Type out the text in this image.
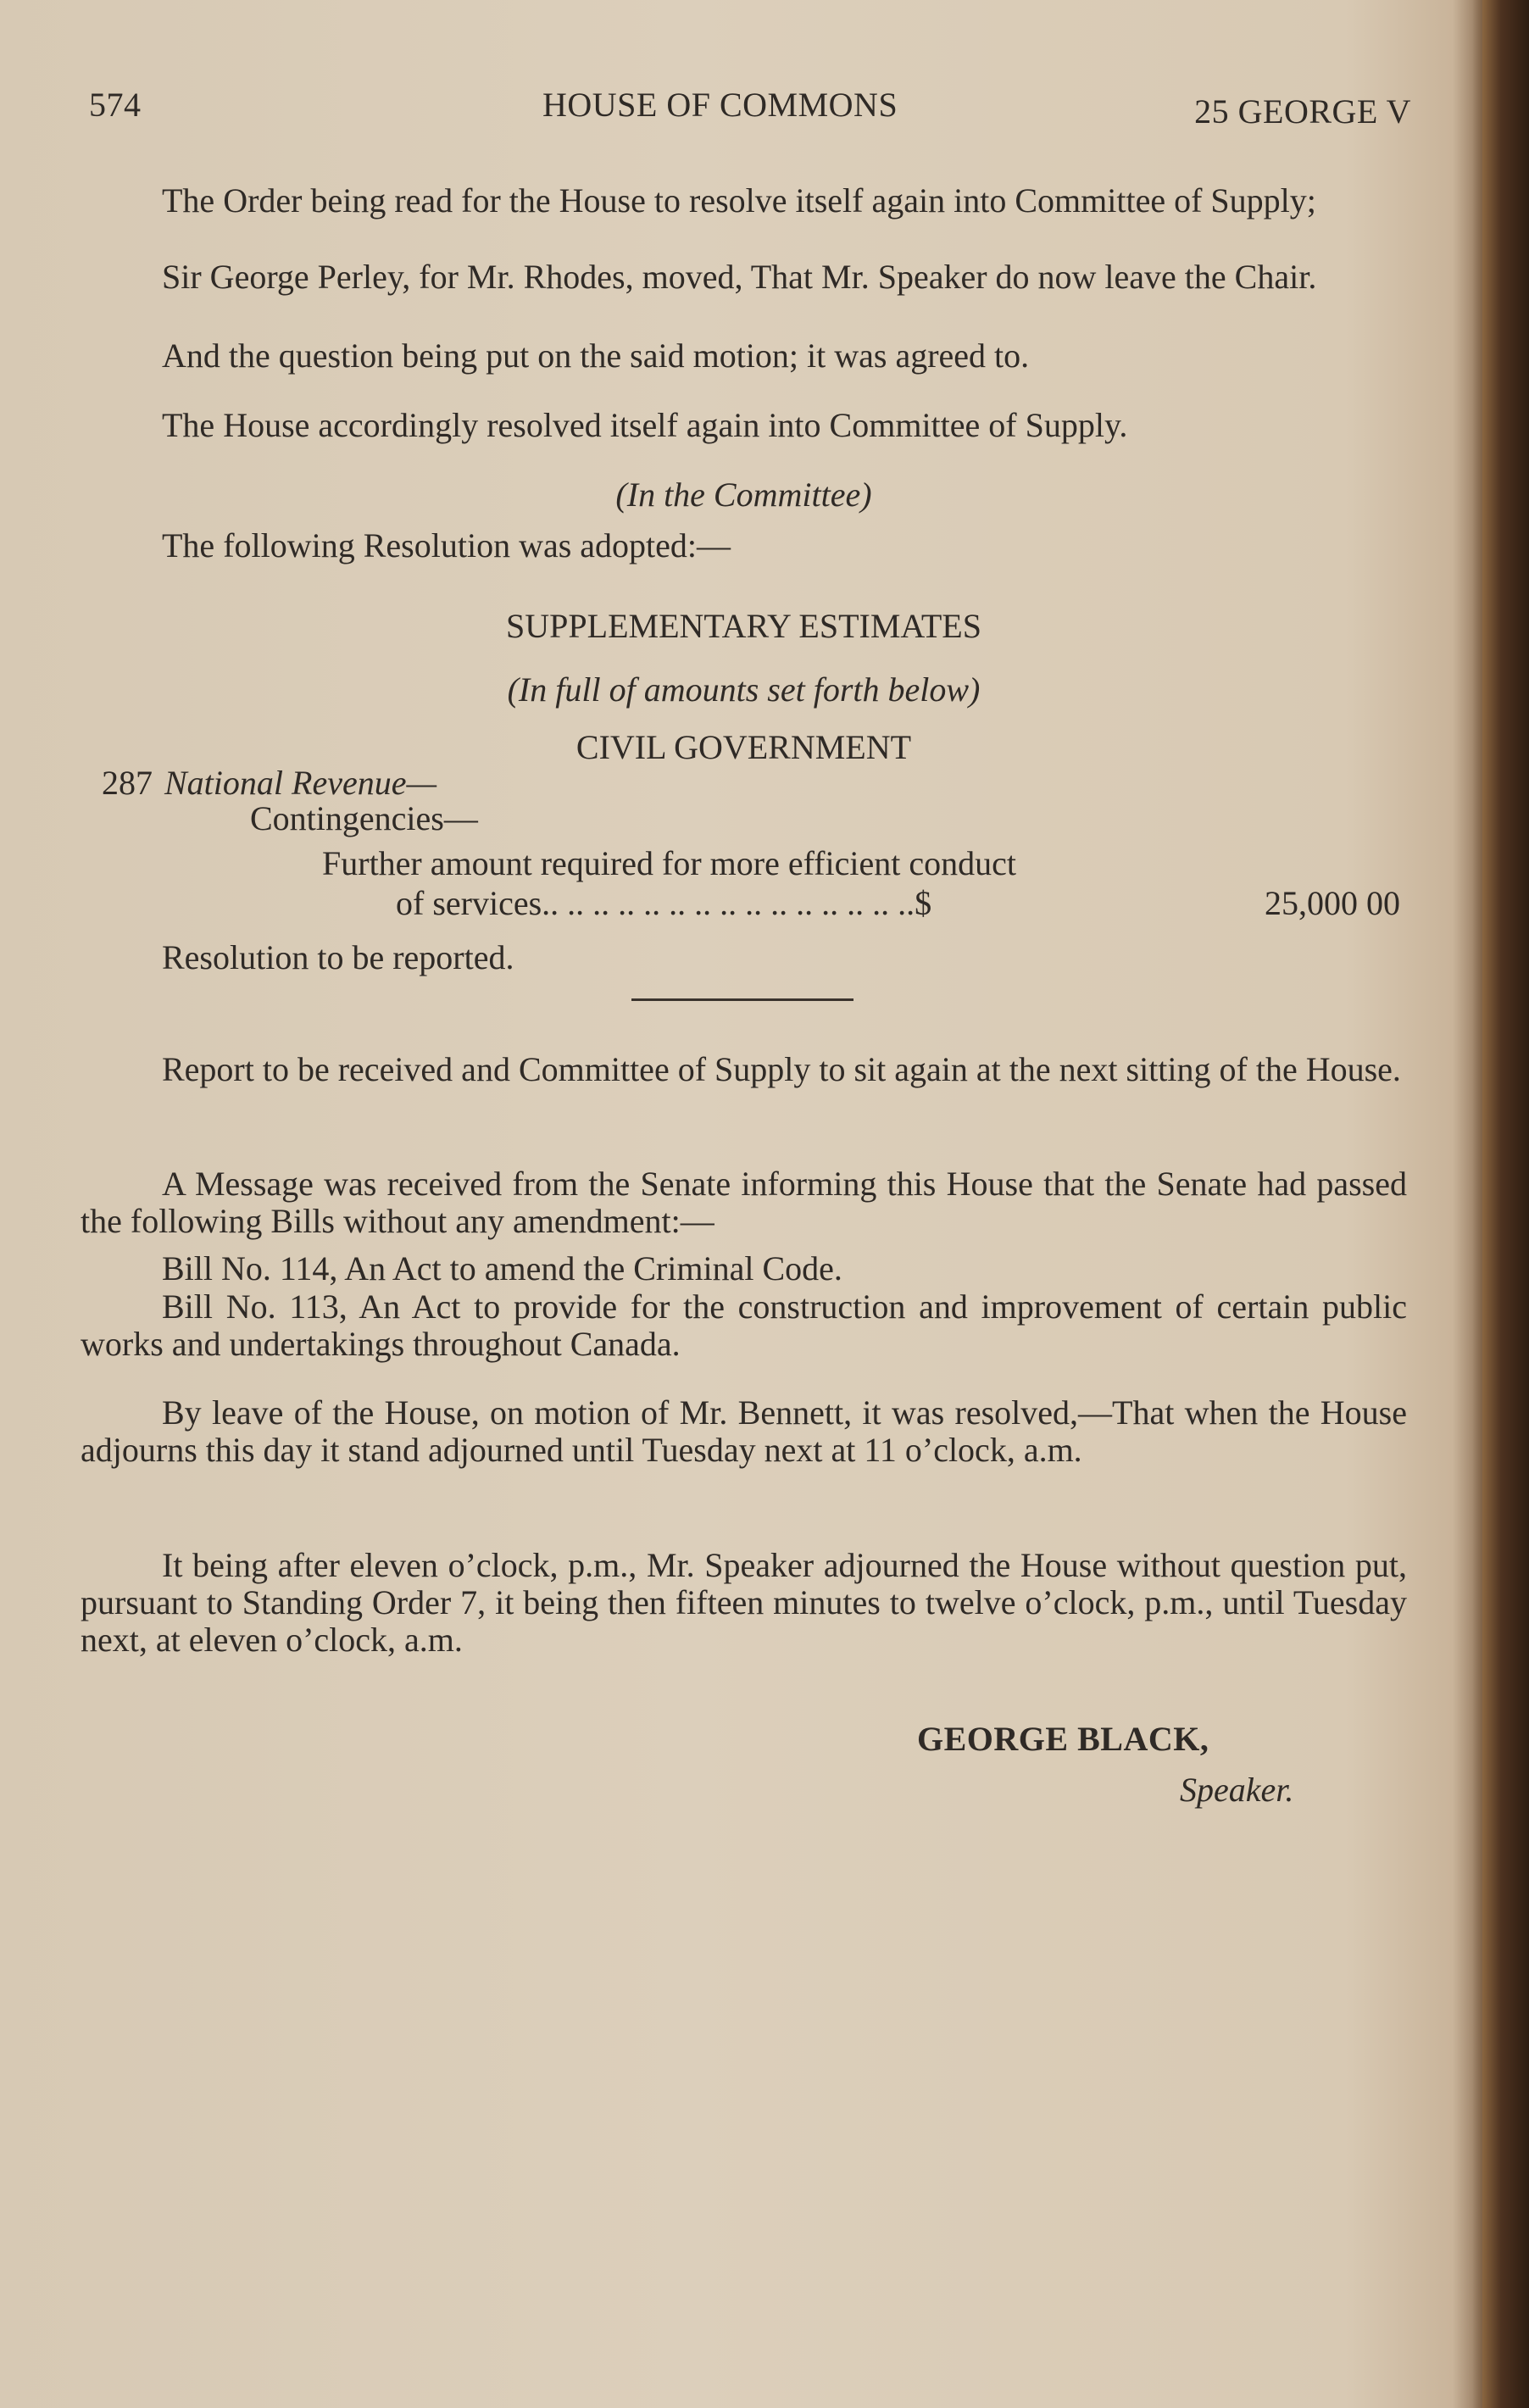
574	HOUSE OF COMMONS	25 GEORGE V
The Order being read for the House to resolve itself again into Committee of Supply;
Sir George Perley, for Mr. Rhodes, moved, That Mr. Speaker do now leave the Chair.
And the question being put on the said motion; it was agreed to.
The House accordingly resolved itself again into Committee of Supply.
(In the Committee)
The following Resolution was adopted:—
SUPPLEMENTARY ESTIMATES
(In full of amounts set forth below)
CIVIL GOVERNMENT
287 National Revenue—
Contingencies—
Further amount required for more efficient conduct
of services.. .. .. .. .. .. .. .. .. .. .. .. .. .. ..$	25,000 00
Resolution to be reported.
Report to be received and Committee of Supply to sit again at the next sitting of the House.
A Message was received from the Senate informing this House that the Senate had passed the following Bills without any amendment:—
Bill No. 114, An Act to amend the Criminal Code.
Bill No. 113, An Act to provide for the construction and improvement of certain public works and undertakings throughout Canada.
By leave of the House, on motion of Mr. Bennett, it was resolved,—That when the House adjourns this day it stand adjourned until Tuesday next at 11 o’clock, a.m.
It being after eleven o’clock, p.m., Mr. Speaker adjourned the House without question put, pursuant to Standing Order 7, it being then fifteen minutes to twelve o’clock, p.m., until Tuesday next, at eleven o’clock, a.m.
GEORGE BLACK,
Speaker.
